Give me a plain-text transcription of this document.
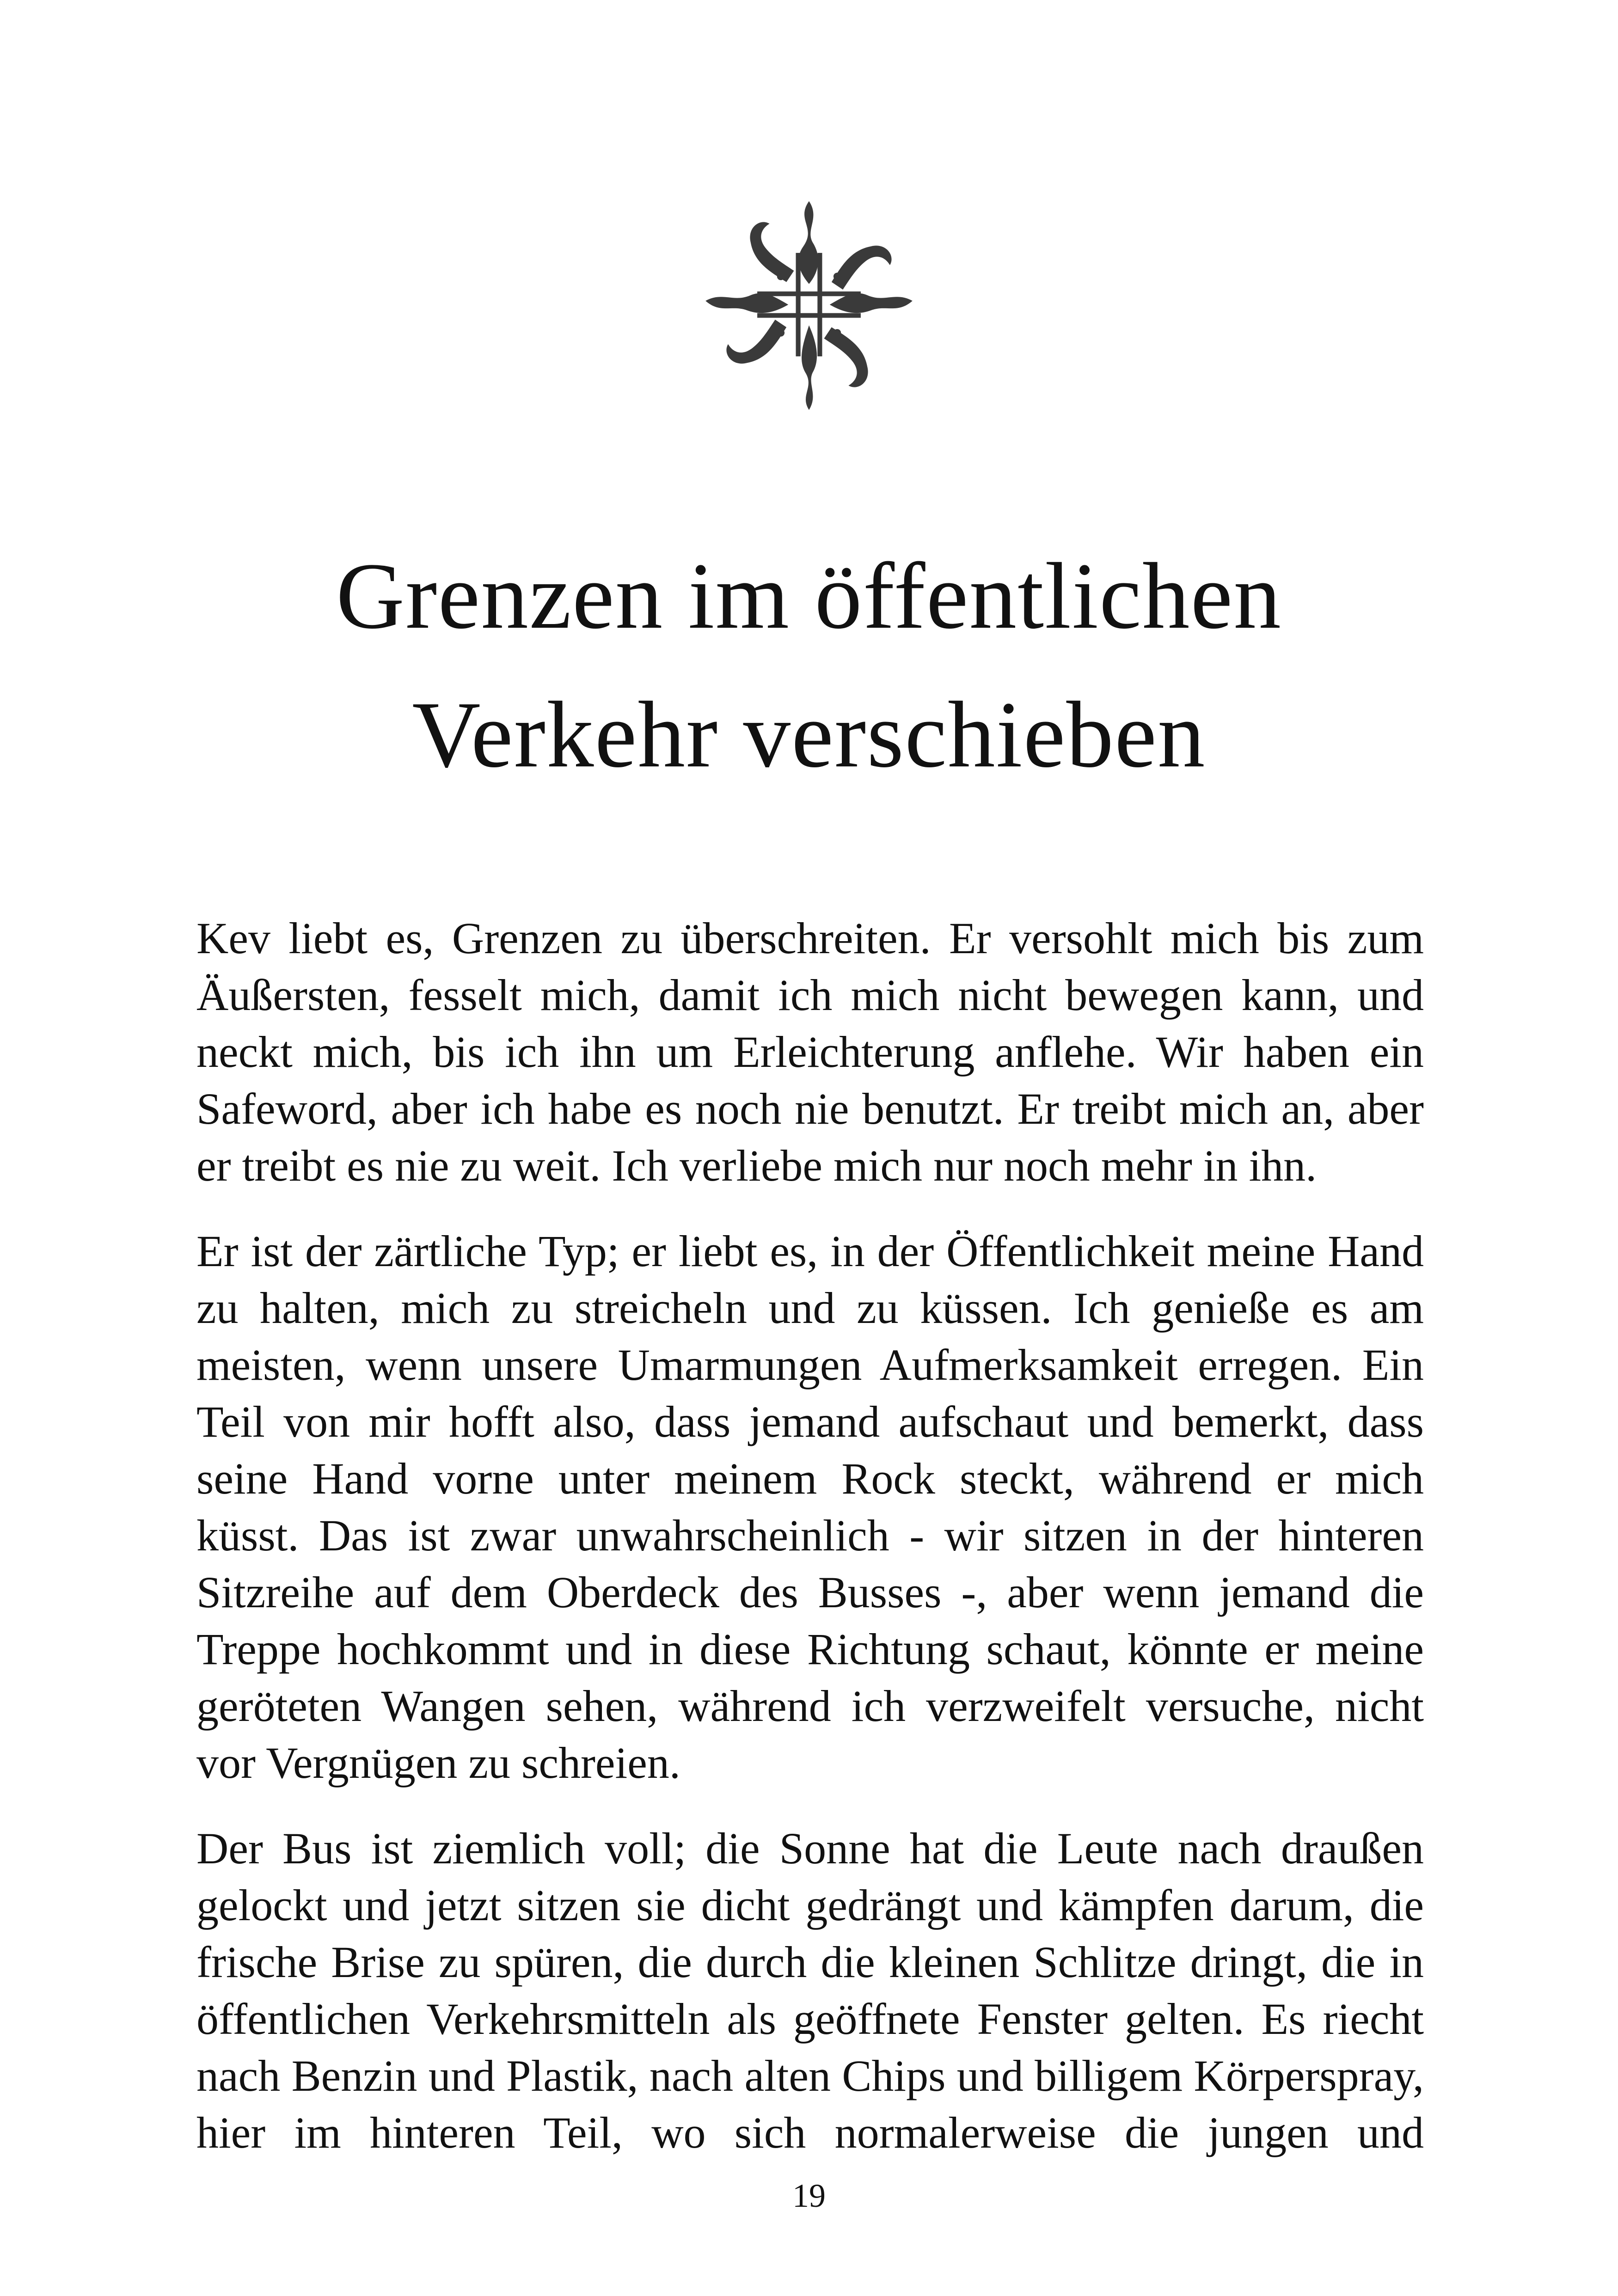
Grenzen im öffentlichen
Verkehr verschieben

Kev liebt es, Grenzen zu überschreiten. Er versohlt mich bis zum
Äußersten, fesselt mich, damit ich mich nicht bewegen kann, und
neckt mich, bis ich ihn um Erleichterung anflehe. Wir haben ein
Safeword, aber ich habe es noch nie benutzt. Er treibt mich an, aber
er treibt es nie zu weit. Ich verliebe mich nur noch mehr in ihn.

Er ist der zärtliche Typ; er liebt es, in der Öffentlichkeit meine Hand
zu halten, mich zu streicheln und zu küssen. Ich genieße es am
meisten, wenn unsere Umarmungen Aufmerksamkeit erregen. Ein
Teil von mir hofft also, dass jemand aufschaut und bemerkt, dass
seine Hand vorne unter meinem Rock steckt, während er mich
küsst. Das ist zwar unwahrscheinlich - wir sitzen in der hinteren
Sitzreihe auf dem Oberdeck des Busses -, aber wenn jemand die
Treppe hochkommt und in diese Richtung schaut, könnte er meine
geröteten Wangen sehen, während ich verzweifelt versuche, nicht
vor Vergnügen zu schreien.

Der Bus ist ziemlich voll; die Sonne hat die Leute nach draußen
gelockt und jetzt sitzen sie dicht gedrängt und kämpfen darum, die
frische Brise zu spüren, die durch die kleinen Schlitze dringt, die in
öffentlichen Verkehrsmitteln als geöffnete Fenster gelten. Es riecht
nach Benzin und Plastik, nach alten Chips und billigem Körperspray,
hier im hinteren Teil, wo sich normalerweise die jungen und

19
